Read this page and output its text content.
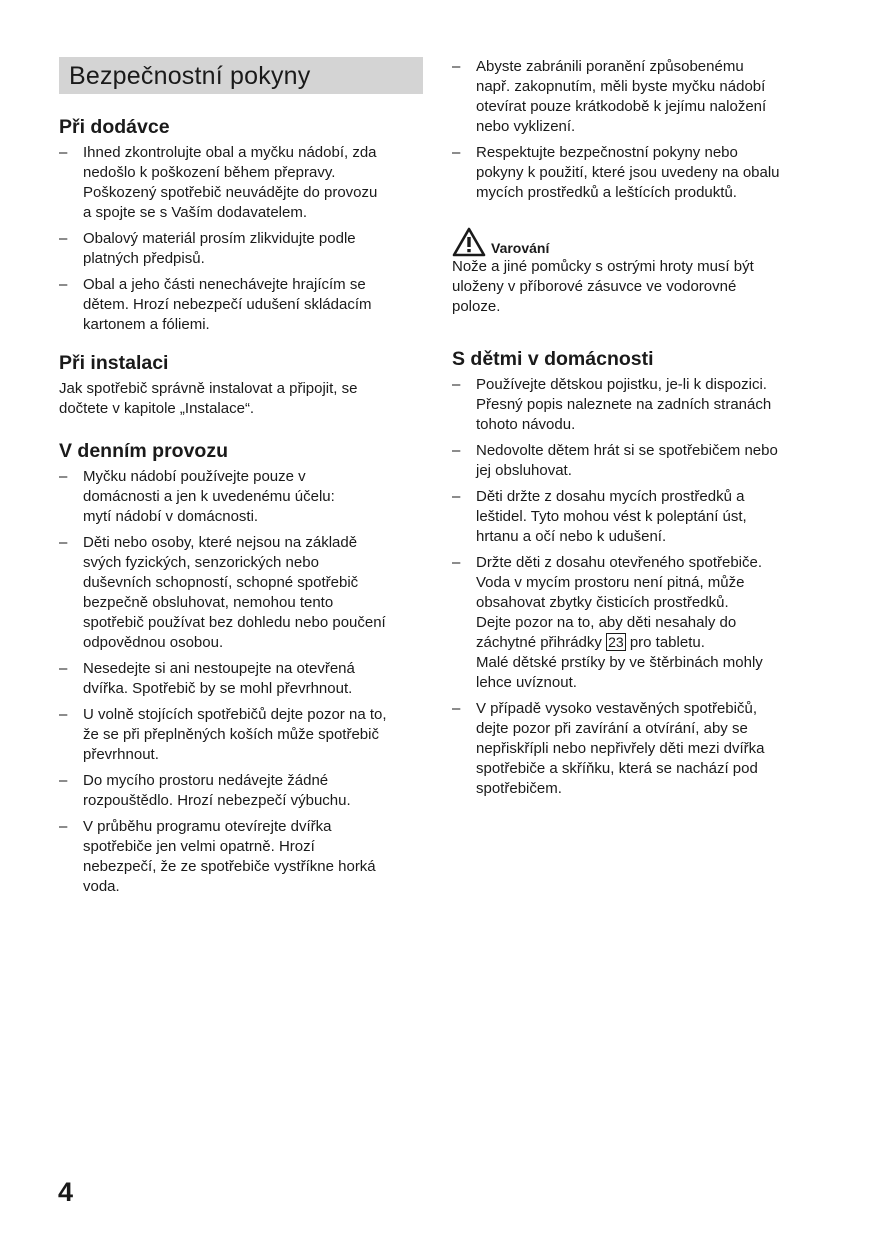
Bezpečnostní pokyny
Při dodávce
– Ihned zkontrolujte obal a myčku nádobí, zda
nedošlo k poškození během přepravy.
Poškozený spotřebič neuvádějte do provozu
a spojte se s Vaším dodavatelem.
– Obalový materiál prosím zlikvidujte podle
platných předpisů.
– Obal a jeho části nenechávejte hrajícím se
dětem. Hrozí nebezpečí udušení skládacím
kartonem a fóliemi.
Při instalaci

Jak spotřebič správně instalovat a připojit, se
dočtete v kapitole „Instalace“.

V denním provozu
– Myčku nádobí používejte pouze v
domácnosti a jen k uvedenému účelu:
mytí nádobí v domácnosti.
– Děti nebo osoby, které nejsou na základě
svých fyzických, senzorických nebo
duševních schopností, schopné spotřebič
bezpečně obsluhovat, nemohou tento
spotřebič používat bez dohledu nebo poučení
odpovědnou osobou.
– Nesedejte si ani nestoupejte na otevřená
dvířka. Spotřebič by se mohl převrhnout.
– U volně stojících spotřebičů dejte pozor na to,
že se při přeplněných koších může spotřebič
převrhnout.
– Do mycího prostoru nedávejte žádné
rozpouštědlo. Hrozí nebezpečí výbuchu.
– V průběhu programu otevírejte dvířka
spotřebiče jen velmi opatrně. Hrozí
nebezpečí, že ze spotřebiče vystříkne horká
voda.
– Abyste zabránili poranění způsobenému
např. zakopnutím, měli byste myčku nádobí
otevírat pouze krátkodobě k jejímu naložení
nebo vyklizení.
– Respektujte bezpečnostní pokyny nebo
pokyny k použití, které jsou uvedeny na obalu
mycích prostředků a leštících produktů.
Varování

Nože a jiné pomůcky s ostrými hroty musí být
uloženy v příborové zásuvce ve vodorovné
poloze.

S dětmi v domácnosti
– Používejte dětskou pojistku, je-li k dispozici.
Přesný popis naleznete na zadních stranách
tohoto návodu.
– Nedovolte dětem hrát si se spotřebičem nebo
jej obsluhovat.
– Děti držte z dosahu mycích prostředků a
leštidel. Tyto mohou vést k poleptání úst,
hrtanu a očí nebo k udušení.
– Držte děti z dosahu otevřeného spotřebiče.
Voda v mycím prostoru není pitná, může
obsahovat zbytky čisticích prostředků.
Dejte pozor na to, aby děti nesahaly do
záchytné přihrádky 23 pro tabletu.
Malé dětské prstíky by ve štěrbinách mohly
lehce uvíznout.
– V případě vysoko vestavěných spotřebičů,
dejte pozor při zavírání a otvírání, aby se
nepřiskřípli nebo nepřivřely děti mezi dvířka
spotřebiče a skříňku, která se nachází pod
spotřebičem.
4
